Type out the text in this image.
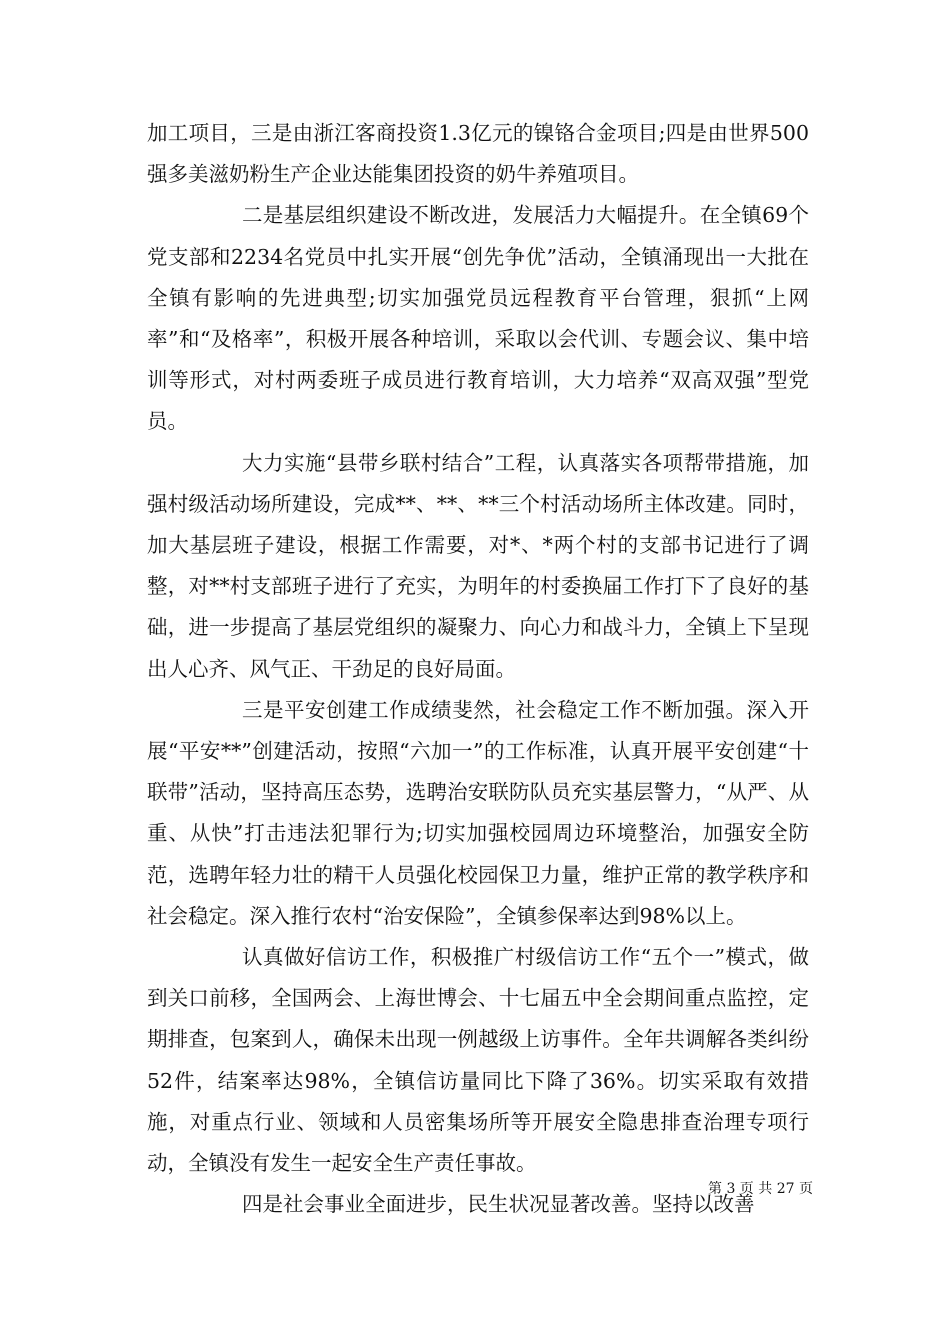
加工项目，三是由浙江客商投资1.3亿元的镍铬合金项目;四是由世界500强多美滋奶粉生产企业达能集团投资的奶牛养殖项目。

二是基层组织建设不断改进，发展活力大幅提升。在全镇69个党支部和2234名党员中扎实开展“创先争优”活动，全镇涌现出一大批在全镇有影响的先进典型;切实加强党员远程教育平台管理，狠抓“上网率”和“及格率”，积极开展各种培训，采取以会代训、专题会议、集中培训等形式，对村两委班子成员进行教育培训，大力培养“双高双强”型党员。

大力实施“县带乡联村结合”工程，认真落实各项帮带措施，加强村级活动场所建设，完成**、**、**三个村活动场所主体改建。同时，加大基层班子建设，根据工作需要，对*、*两个村的支部书记进行了调整，对**村支部班子进行了充实，为明年的村委换届工作打下了良好的基础，进一步提高了基层党组织的凝聚力、向心力和战斗力，全镇上下呈现出人心齐、风气正、干劲足的良好局面。

三是平安创建工作成绩斐然，社会稳定工作不断加强。深入开展“平安**”创建活动，按照“六加一”的工作标准，认真开展平安创建“十联带”活动，坚持高压态势，选聘治安联防队员充实基层警力，“从严、从重、从快”打击违法犯罪行为;切实加强校园周边环境整治，加强安全防范，选聘年轻力壮的精干人员强化校园保卫力量，维护正常的教学秩序和社会稳定。深入推行农村“治安保险”，全镇参保率达到98%以上。

认真做好信访工作，积极推广村级信访工作“五个一”模式，做到关口前移，全国两会、上海世博会、十七届五中全会期间重点监控，定期排查，包案到人，确保未出现一例越级上访事件。全年共调解各类纠纷52件，结案率达98%，全镇信访量同比下降了36%。切实采取有效措施，对重点行业、领域和人员密集场所等开展安全隐患排查治理专项行动，全镇没有发生一起安全生产责任事故。

四是社会事业全面进步，民生状况显著改善。坚持以改善

第 3 页 共 27 页
